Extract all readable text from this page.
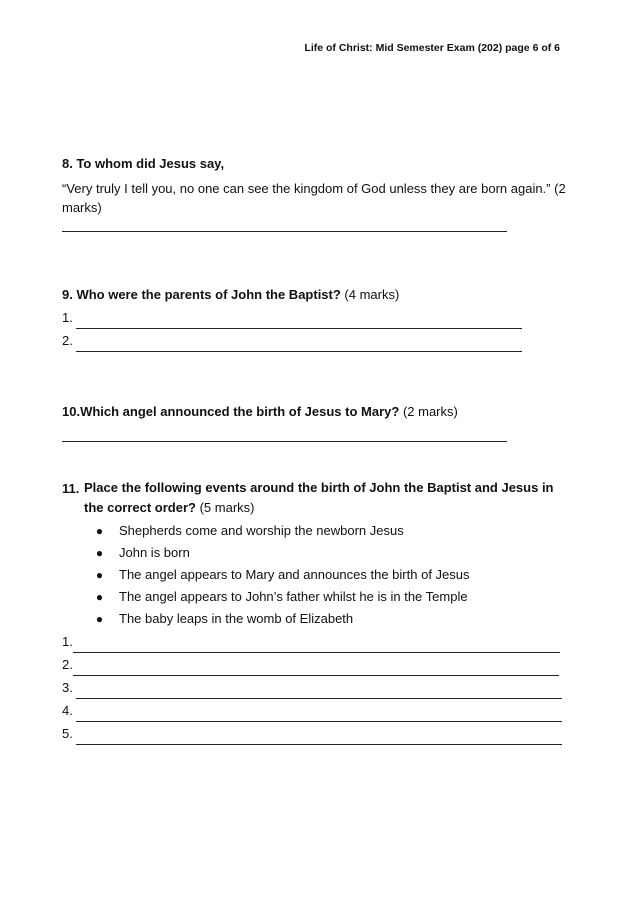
Life of Christ: Mid Semester Exam (202) page 6 of 6

8. To whom did Jesus say,

“Very truly I tell you, no one can see the kingdom of God unless they are born again.” (2 marks)

9. Who were the parents of John the Baptist? (4 marks)

1.
2.

10.Which angel announced the birth of Jesus to Mary? (2 marks)

11. Place the following events around the birth of John the Baptist and Jesus in the correct order? (5 marks)
●	Shepherds come and worship the newborn Jesus
●	John is born
●	The angel appears to Mary and announces the birth of Jesus
●	The angel appears to John’s father whilst he is in the Temple
●	The baby leaps in the womb of Elizabeth
1.
2.
3.
4.
5.
